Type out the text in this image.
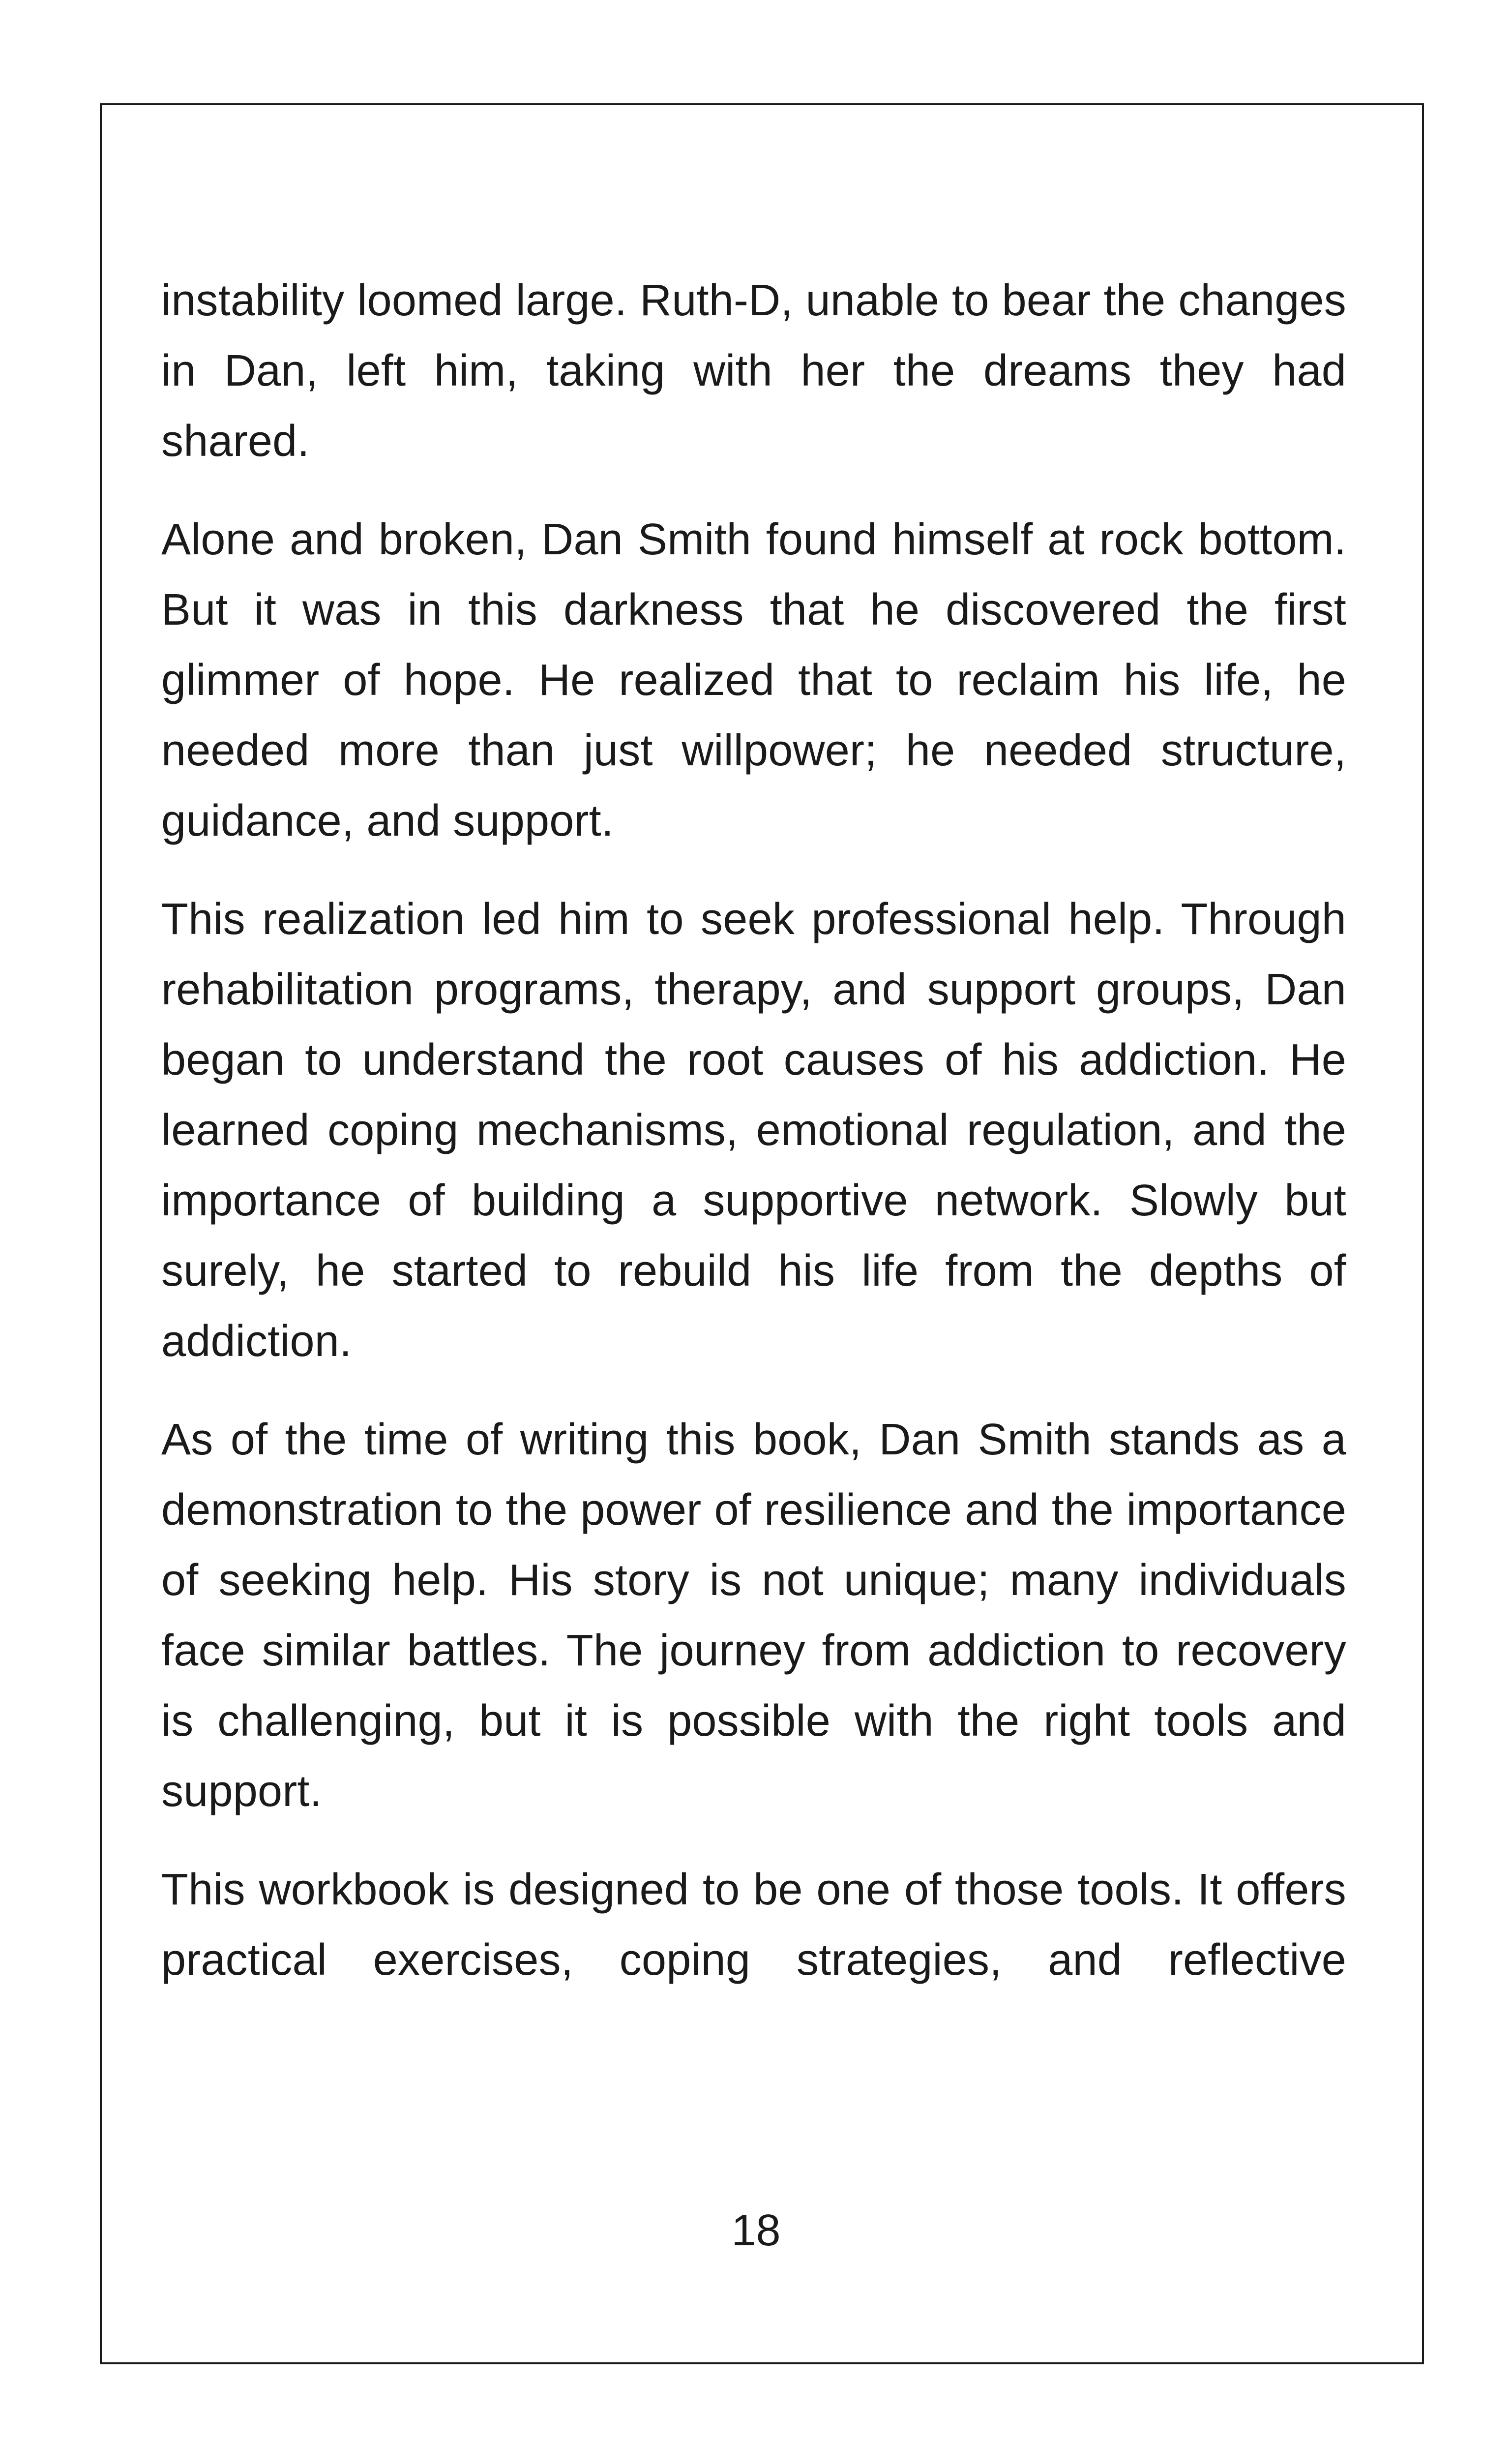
instability loomed large. Ruth-D, unable to bear the changes in Dan, left him, taking with her the dreams they had shared.

Alone and broken, Dan Smith found himself at rock bottom. But it was in this darkness that he discovered the first glimmer of hope. He realized that to reclaim his life, he needed more than just willpower; he needed structure, guidance, and support.

This realization led him to seek professional help. Through rehabilitation programs, therapy, and support groups, Dan began to understand the root causes of his addiction. He learned coping mechanisms, emotional regulation, and the importance of building a supportive network. Slowly but surely, he started to rebuild his life from the depths of addiction.

As of the time of writing this book, Dan Smith stands as a demonstration to the power of resilience and the importance of seeking help. His story is not unique; many individuals face similar battles. The journey from addiction to recovery is challenging, but it is possible with the right tools and support.

This workbook is designed to be one of those tools. It offers practical exercises, coping strategies, and reflective

18
